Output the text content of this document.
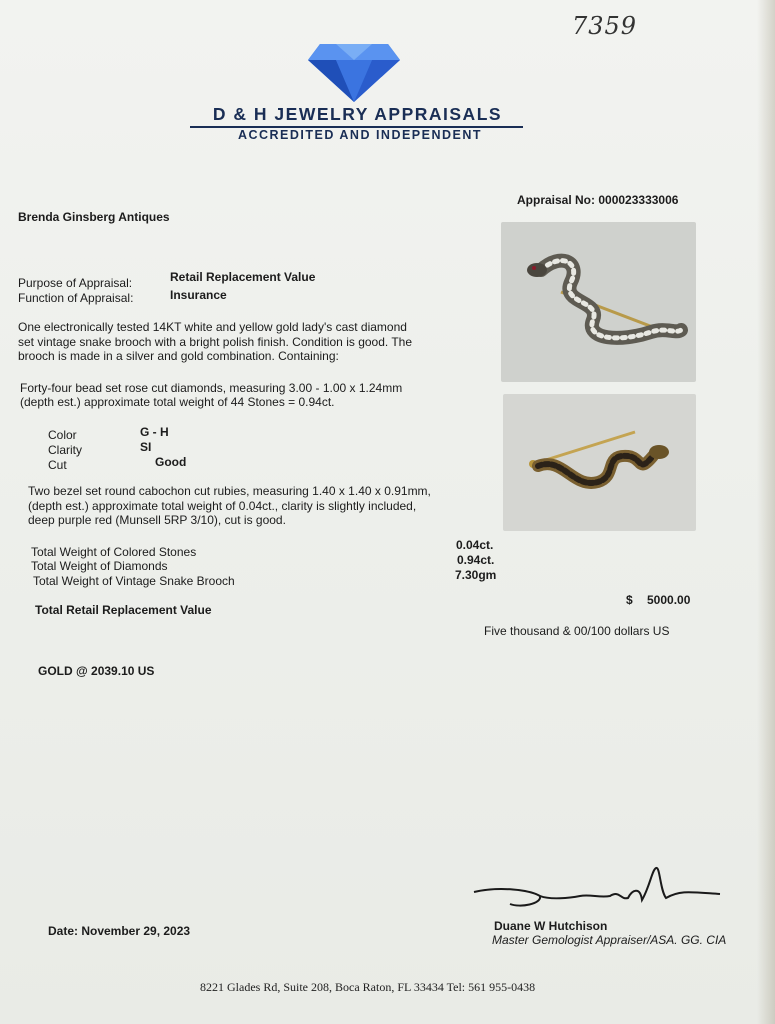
7359
D & H JEWELRY APPRAISALS
ACCREDITED AND INDEPENDENT
Brenda Ginsberg Antiques
Appraisal No: 000023333006
Purpose of Appraisal:	Retail Replacement Value
Function of Appraisal:	Insurance
One electronically tested 14KT white and yellow gold lady's cast diamond
set vintage snake brooch with a bright polish finish. Condition is good. The
brooch is made in a silver and gold combination. Containing:
Forty-four bead set rose cut diamonds, measuring 3.00 - 1.00 x 1.24mm
(depth est.) approximate total weight of 44 Stones = 0.94ct.
Color	G - H
Clarity	SI
Cut	Good
Two bezel set round cabochon cut rubies, measuring 1.40 x 1.40 x 0.91mm,
(depth est.) approximate total weight of 0.04ct., clarity is slightly included,
deep purple red (Munsell 5RP 3/10), cut is good.
Total Weight of Colored Stones	0.04ct.
Total Weight of Diamonds	0.94ct.
Total Weight of Vintage Snake Brooch	7.30gm
Total Retail Replacement Value
$ 5000.00
Five thousand & 00/100 dollars US
GOLD @ 2039.10 US
Date: November 29, 2023	Duane W Hutchison
Master Gemologist Appraiser/ASA. GG. CIA
8221 Glades Rd, Suite 208, Boca Raton, FL 33434 Tel: 561 955-0438
